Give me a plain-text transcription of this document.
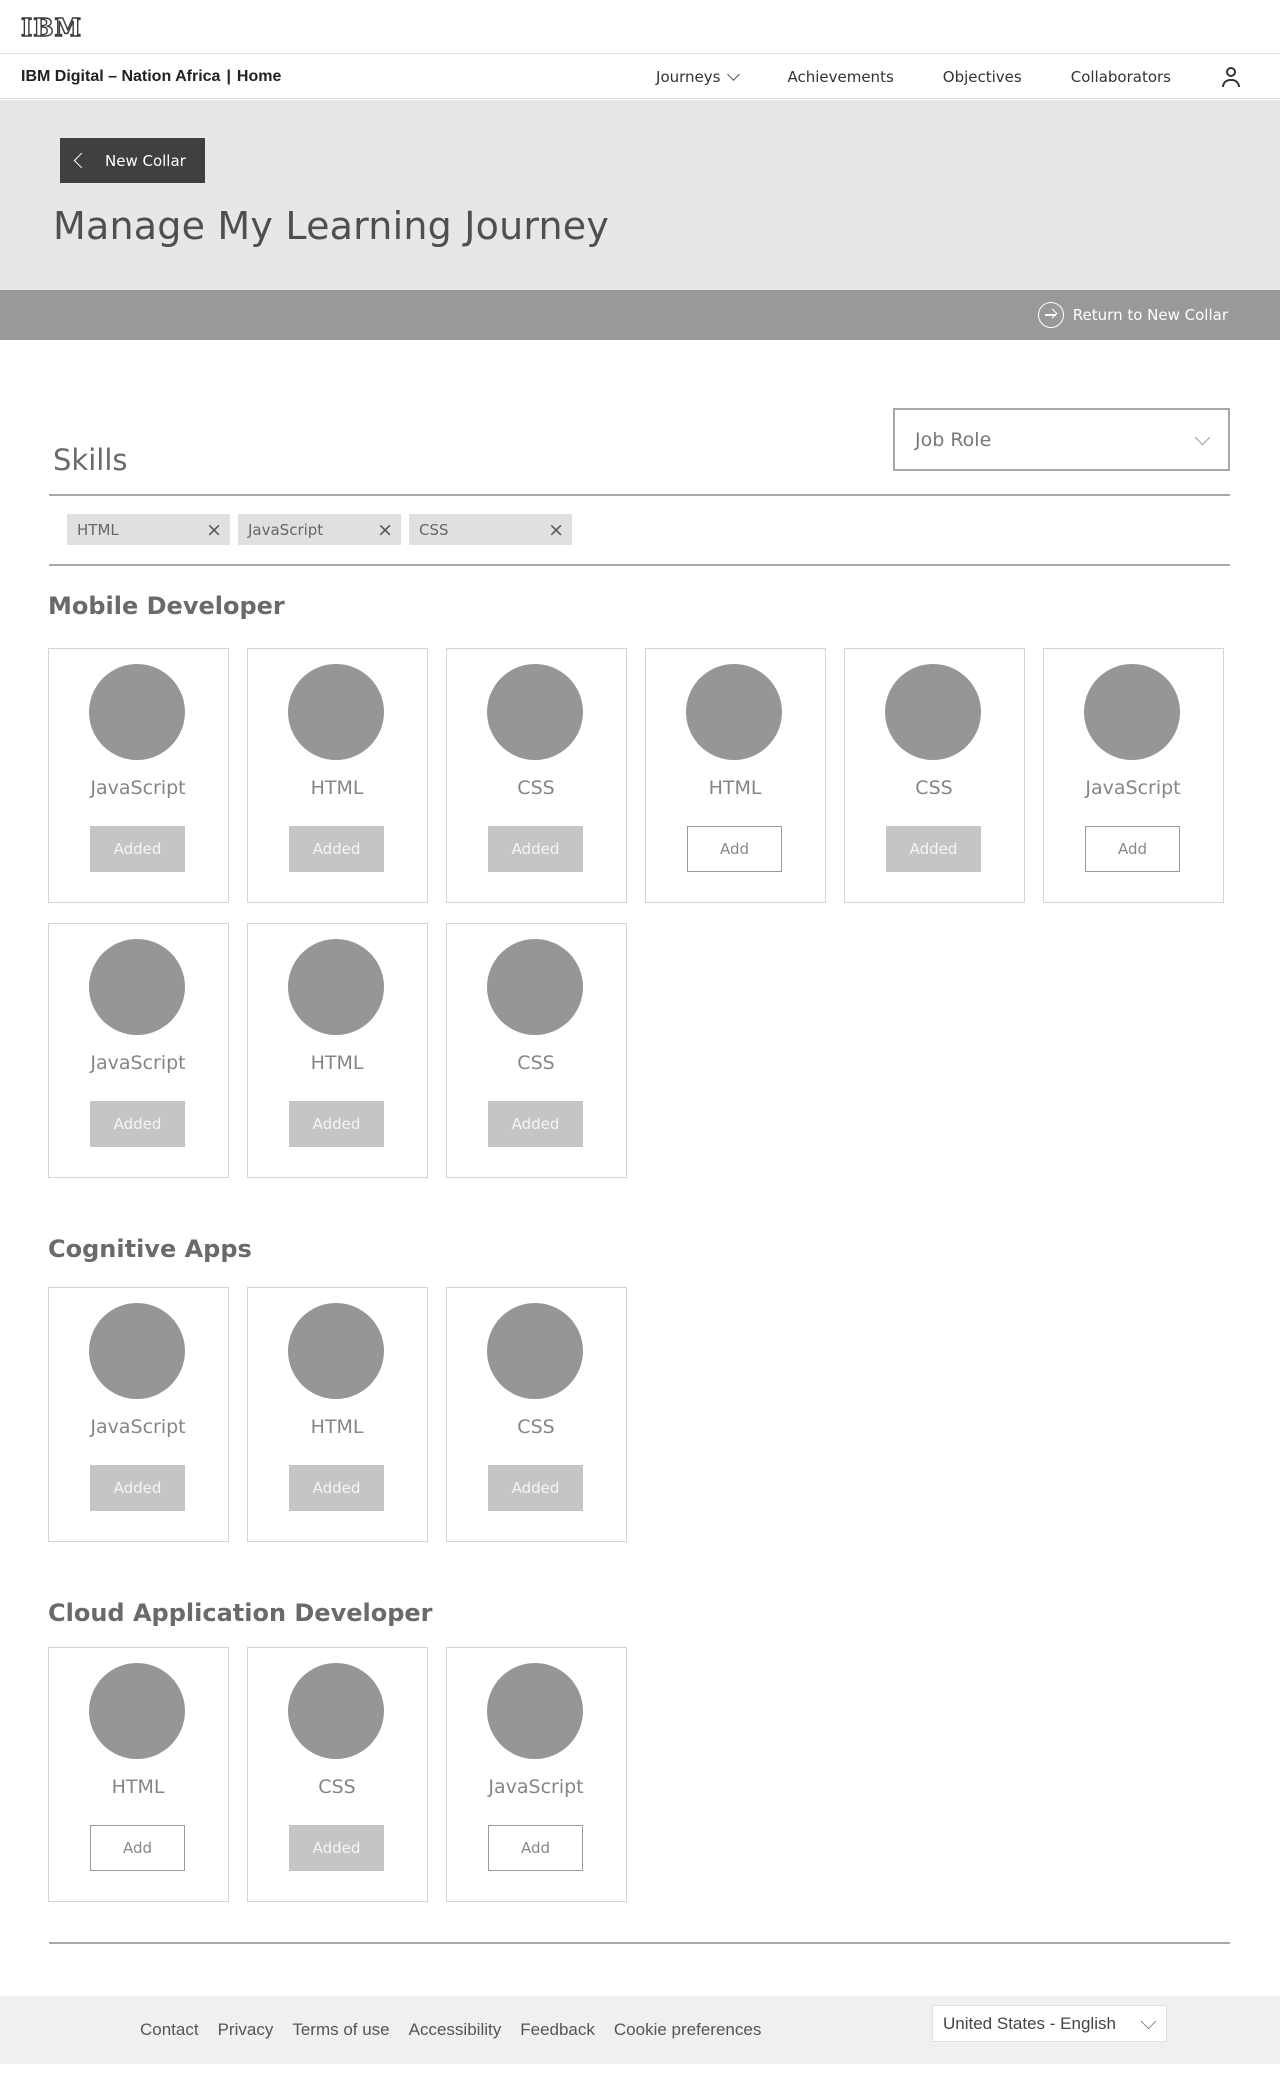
IBM
IBM Digital – Nation Africa | Home	Journeys	Achievements	Objectives	Collaborators
New Collar
Manage My Learning Journey
Return to New Collar
Skills
Job Role
HTML	× JavaScript	× CSS	×
Mobile Developer
JavaScript
Added
HTML
Added
CSS
Added
HTML
Add
CSS
Added
JavaScript
Add
JavaScript
Added
HTML
Added
CSS
Added
Cognitive Apps
JavaScript
Added
HTML
Added
CSS
Added
Cloud Application Developer
HTML
Add
CSS
Added
JavaScript
Add
Contact Privacy Terms of use Accessibility Feedback Cookie preferences	United States - English
